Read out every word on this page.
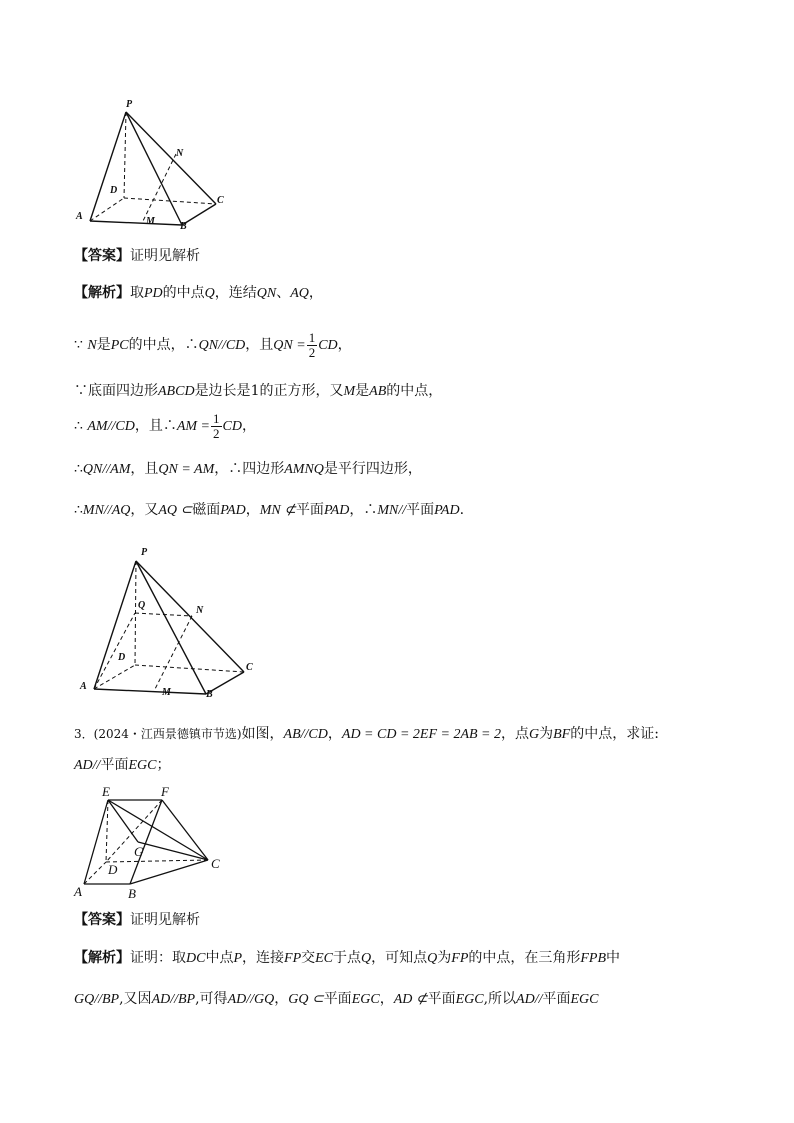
P
N
D
C
A	M	B
【答案】证明见解析
【解析】取PD的中点Q，连结QN、AQ，
∵ N是PC的中点，∴QN//CD，且QN = $\frac{1}{2}$ CD，
∵底面四边形ABCD是边长是1的正方形，又M是AB的中点，
∴ AM//CD，且∴AM = $\frac{1}{2}$ CD，
∴QN//AM，且QN = AM，∴四边形AMNQ是平行四边形，
∴MN//AQ，又AQ ⊂磁面PAD，MN ⊄平面PAD，∴MN//平面PAD.
P
Q	N
D
C
A
M	B
3．(2024・江西景德镇市节选)如图，AB//CD，AD = CD = 2EF = 2AB = 2，点G为BF的中点，求证:
AD//平面EGC；
E	F
G
D	C
A	B
【答案】证明见解析
【解析】证明：取DC中点P，连接FP交EC于点Q，可知点Q为FP的中点，在三角形FPB中
GQ//BP,又因AD//BP,可得AD//GQ，GQ ⊂平面EGC，AD ⊄平面EGC,所以AD//平面EGC
